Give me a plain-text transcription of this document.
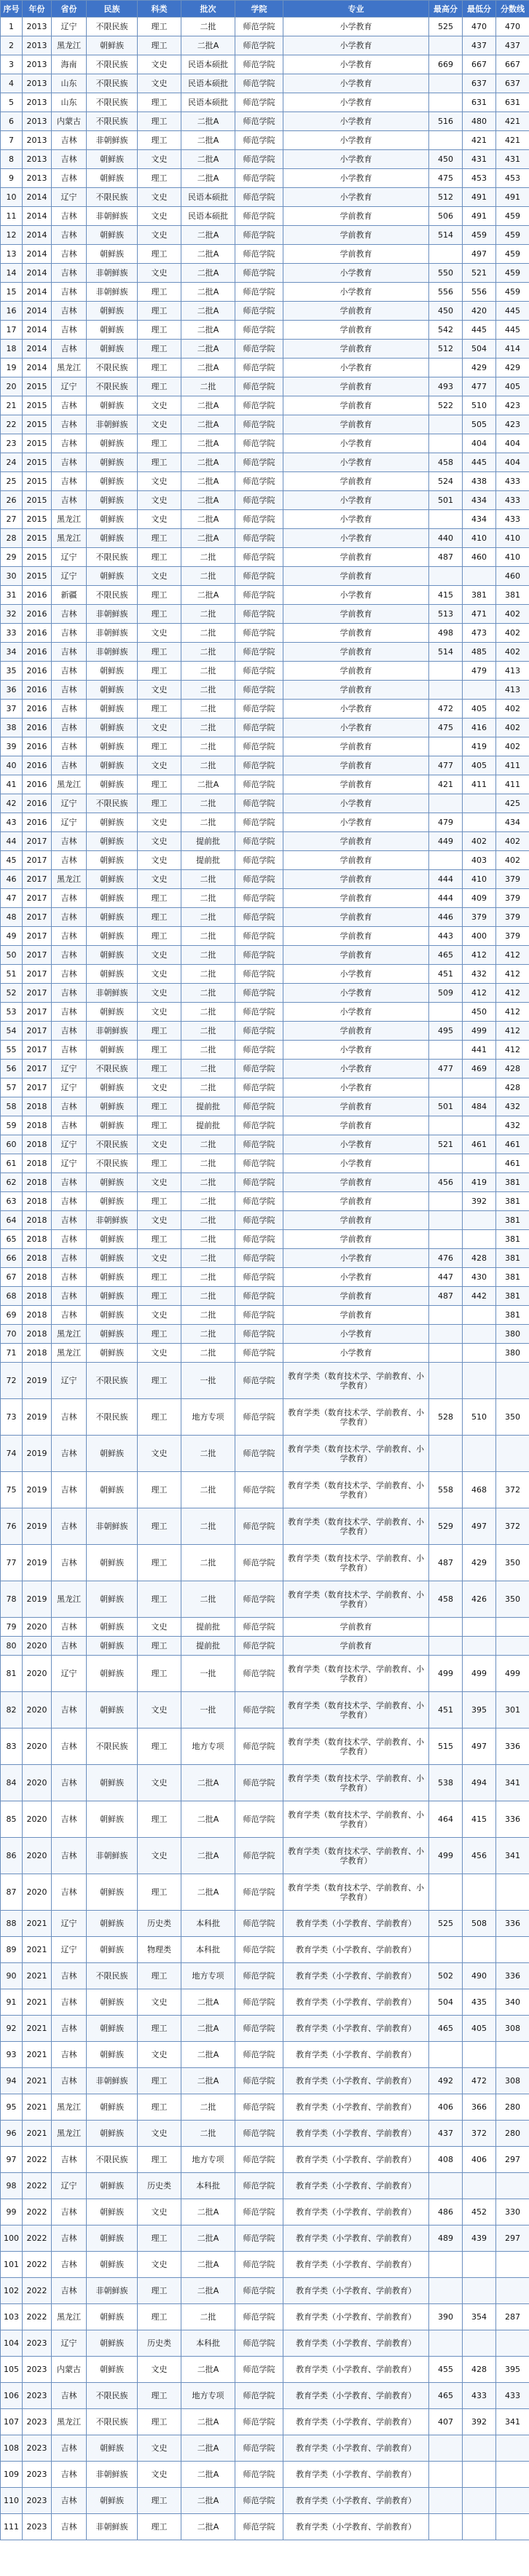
序号	年份	省份	民族	科类	批次	学院	专业	最高分	最低分	分数线
1	2013	辽宁	不限民族	理工	二批	师范学院	小学教育	525	470	470
2	2013	黑龙江	朝鲜族	理工	二批A	师范学院	小学教育		437	437
3	2013	海南	不限民族	文史	民语本硕批	师范学院	小学教育	669	667	667
4	2013	山东	不限民族	文史	民语本硕批	师范学院	小学教育		637	637
5	2013	山东	不限民族	理工	民语本硕批	师范学院	小学教育		631	631
6	2013	内蒙古	不限民族	理工	二批A	师范学院	小学教育	516	480	421
7	2013	吉林	非朝鲜族	理工	二批A	师范学院	小学教育		421	421
8	2013	吉林	朝鲜族	文史	二批A	师范学院	小学教育	450	431	431
9	2013	吉林	朝鲜族	理工	二批A	师范学院	小学教育	475	453	453
10	2014	辽宁	不限民族	文史	民语本硕批	师范学院	小学教育	512	491	491
11	2014	吉林	非朝鲜族	文史	民语本硕批	师范学院	学前教育	506	491	459
12	2014	吉林	朝鲜族	文史	二批A	师范学院	学前教育	514	459	459
13	2014	吉林	朝鲜族	理工	二批A	师范学院	学前教育		497	459
14	2014	吉林	非朝鲜族	文史	二批A	师范学院	小学教育	550	521	459
15	2014	吉林	非朝鲜族	理工	二批A	师范学院	小学教育	556	556	459
16	2014	吉林	朝鲜族	理工	二批A	师范学院	学前教育	450	420	445
17	2014	吉林	朝鲜族	理工	二批A	师范学院	学前教育	542	445	445
18	2014	吉林	朝鲜族	理工	二批A	师范学院	学前教育	512	504	414
19	2014	黑龙江	不限民族	理工	二批A	师范学院	小学教育		429	429
20	2015	辽宁	不限民族	理工	二批	师范学院	学前教育	493	477	405
21	2015	吉林	朝鲜族	文史	二批A	师范学院	学前教育	522	510	423
22	2015	吉林	非朝鲜族	文史	二批A	师范学院	学前教育		505	423
23	2015	吉林	朝鲜族	理工	二批A	师范学院	小学教育		404	404
24	2015	吉林	朝鲜族	理工	二批A	师范学院	小学教育	458	445	404
25	2015	吉林	朝鲜族	文史	二批A	师范学院	学前教育	524	438	433
26	2015	吉林	朝鲜族	文史	二批A	师范学院	小学教育	501	434	433
27	2015	黑龙江	朝鲜族	文史	二批A	师范学院	小学教育		434	433
28	2015	黑龙江	朝鲜族	理工	二批A	师范学院	小学教育	440	410	410
29	2015	辽宁	不限民族	理工	二批	师范学院	学前教育	487	460	410
30	2015	辽宁	朝鲜族	文史	二批	师范学院	学前教育			460
31	2016	新疆	不限民族	理工	二批A	师范学院	小学教育	415	381	381
32	2016	吉林	非朝鲜族	理工	二批	师范学院	学前教育	513	471	402
33	2016	吉林	非朝鲜族	文史	二批	师范学院	学前教育	498	473	402
34	2016	吉林	非朝鲜族	理工	二批	师范学院	学前教育	514	485	402
35	2016	吉林	朝鲜族	理工	二批	师范学院	学前教育		479	413
36	2016	吉林	朝鲜族	文史	二批	师范学院	学前教育			413
37	2016	吉林	朝鲜族	理工	二批	师范学院	小学教育	472	405	402
38	2016	吉林	朝鲜族	文史	二批	师范学院	小学教育	475	416	402
39	2016	吉林	朝鲜族	理工	二批	师范学院	学前教育		419	402
40	2016	吉林	朝鲜族	文史	二批	师范学院	学前教育	477	405	411
41	2016	黑龙江	朝鲜族	理工	二批A	师范学院	学前教育	421	411	411
42	2016	辽宁	不限民族	理工	二批	师范学院	小学教育			425
43	2016	辽宁	朝鲜族	文史	二批	师范学院	小学教育	479		434
44	2017	吉林	朝鲜族	文史	提前批	师范学院	学前教育	449	402	402
45	2017	吉林	朝鲜族	文史	提前批	师范学院	学前教育		403	402
46	2017	黑龙江	朝鲜族	文史	二批	师范学院	学前教育	444	410	379
47	2017	吉林	朝鲜族	理工	二批	师范学院	学前教育	444	409	379
48	2017	吉林	朝鲜族	理工	二批	师范学院	学前教育	446	379	379
49	2017	吉林	朝鲜族	理工	二批	师范学院	学前教育	443	400	379
50	2017	吉林	朝鲜族	文史	二批	师范学院	学前教育	465	412	412
51	2017	吉林	朝鲜族	文史	二批	师范学院	小学教育	451	432	412
52	2017	吉林	非朝鲜族	文史	二批	师范学院	小学教育	509	412	412
53	2017	吉林	朝鲜族	文史	二批	师范学院	小学教育		450	412
54	2017	吉林	非朝鲜族	理工	二批	师范学院	学前教育	495	499	412
55	2017	吉林	朝鲜族	理工	二批	师范学院	小学教育		441	412
56	2017	辽宁	不限民族	理工	二批	师范学院	小学教育	477	469	428
57	2017	辽宁	朝鲜族	文史	二批	师范学院	小学教育			428
58	2018	吉林	朝鲜族	理工	提前批	师范学院	学前教育	501	484	432
59	2018	吉林	朝鲜族	理工	提前批	师范学院	学前教育			432
60	2018	辽宁	不限民族	文史	二批	师范学院	小学教育	521	461	461
61	2018	辽宁	不限民族	理工	二批	师范学院	小学教育			461
62	2018	吉林	朝鲜族	文史	二批	师范学院	学前教育	456	419	381
63	2018	吉林	朝鲜族	理工	二批	师范学院	学前教育		392	381
64	2018	吉林	非朝鲜族	文史	二批	师范学院	学前教育			381
65	2018	吉林	朝鲜族	理工	二批	师范学院	学前教育			381
66	2018	吉林	朝鲜族	文史	二批	师范学院	小学教育	476	428	381
67	2018	吉林	朝鲜族	理工	二批	师范学院	小学教育	447	430	381
68	2018	吉林	朝鲜族	理工	二批	师范学院	学前教育	487	442	381
69	2018	吉林	朝鲜族	文史	二批	师范学院	学前教育			381
70	2018	黑龙江	朝鲜族	理工	二批	师范学院	小学教育			380
71	2018	黑龙江	朝鲜族	文史	二批	师范学院	小学教育			380
72	2019	辽宁	不限民族	理工	一批	师范学院	教育学类（数育技术学、学前教育、小学教育）			
73	2019	吉林	不限民族	理工	地方专项	师范学院	教育学类（数育技术学、学前教育、小学教育）	528	510	350
74	2019	吉林	朝鲜族	文史	二批	师范学院	教育学类（数育技术学、学前教育、小学教育）			
75	2019	吉林	朝鲜族	理工	二批	师范学院	教育学类（数育技术学、学前教育、小学教育）	558	468	372
76	2019	吉林	非朝鲜族	理工	二批	师范学院	教育学类（数育技术学、学前教育、小学教育）	529	497	372
77	2019	吉林	朝鲜族	理工	二批	师范学院	教育学类（数育技术学、学前教育、小学教育）	487	429	350
78	2019	黑龙江	朝鲜族	理工	二批	师范学院	教育学类（数育技术学、学前教育、小学教育）	458	426	350
79	2020	吉林	朝鲜族	文史	提前批	师范学院	学前教育			
80	2020	吉林	朝鲜族	理工	提前批	师范学院	学前教育			
81	2020	辽宁	朝鲜族	理工	一批	师范学院	教育学类（数育技术学、学前教育、小学教育）	499	499	499
82	2020	吉林	朝鲜族	文史	一批	师范学院	教育学类（数育技术学、学前教育、小学教育）	451	395	301
83	2020	吉林	不限民族	理工	地方专项	师范学院	教育学类（数育技术学、学前教育、小学教育）	515	497	336
84	2020	吉林	朝鲜族	文史	二批A	师范学院	教育学类（数育技术学、学前教育、小学教育）	538	494	341
85	2020	吉林	朝鲜族	理工	二批A	师范学院	教育学类（数育技术学、学前教育、小学教育）	464	415	336
86	2020	吉林	非朝鲜族	文史	二批A	师范学院	教育学类（数育技术学、学前教育、小学教育）	499	456	341
87	2020	吉林	朝鲜族	理工	二批A	师范学院	教育学类（数育技术学、学前教育、小学教育）			
88	2021	辽宁	朝鲜族	历史类	本科批	师范学院	教育学类（小学教育、学前教育）	525	508	336
89	2021	辽宁	朝鲜族	物理类	本科批	师范学院	教育学类（小学教育、学前教育）			
90	2021	吉林	不限民族	理工	地方专项	师范学院	教育学类（小学教育、学前教育）	502	490	336
91	2021	吉林	朝鲜族	文史	二批A	师范学院	教育学类（小学教育、学前教育）	504	435	340
92	2021	吉林	朝鲜族	理工	二批A	师范学院	教育学类（小学教育、学前教育）	465	405	308
93	2021	吉林	朝鲜族	文史	二批A	师范学院	教育学类（小学教育、学前教育）			
94	2021	吉林	非朝鲜族	理工	二批A	师范学院	教育学类（小学教育、学前教育）	492	472	308
95	2021	黑龙江	朝鲜族	理工	二批	师范学院	教育学类（小学教育、学前教育）	406	366	280
96	2021	黑龙江	朝鲜族	文史	二批	师范学院	教育学类（小学教育、学前教育）	437	372	280
97	2022	吉林	不限民族	理工	地方专项	师范学院	教育学类（小学教育、学前教育）	408	406	297
98	2022	辽宁	朝鲜族	历史类	本科批	师范学院	教育学类（小学教育、学前教育）			
99	2022	吉林	朝鲜族	文史	二批A	师范学院	教育学类（小学教育、学前教育）	486	452	330
100	2022	吉林	朝鲜族	理工	二批A	师范学院	教育学类（小学教育、学前教育）	489	439	297
101	2022	吉林	朝鲜族	文史	二批A	师范学院	教育学类（小学教育、学前教育）			
102	2022	吉林	非朝鲜族	理工	二批A	师范学院	教育学类（小学教育、学前教育）			
103	2022	黑龙江	朝鲜族	理工	二批	师范学院	教育学类（小学教育、学前教育）	390	354	287
104	2023	辽宁	朝鲜族	历史类	本科批	师范学院	教育学类（小学教育、学前教育）			
105	2023	内蒙古	朝鲜族	文史	二批A	师范学院	教育学类（小学教育、学前教育）	455	428	395
106	2023	吉林	不限民族	理工	地方专项	师范学院	教育学类（小学教育、学前教育）	465	433	433
107	2023	黑龙江	不限民族	理工	二批A	师范学院	教育学类（小学教育、学前教育）	407	392	341
108	2023	吉林	朝鲜族	文史	二批A	师范学院	教育学类（小学教育、学前教育）			
109	2023	吉林	非朝鲜族	文史	二批A	师范学院	教育学类（小学教育、学前教育）			
110	2023	吉林	朝鲜族	理工	二批A	师范学院	教育学类（小学教育、学前教育）			
111	2023	吉林	非朝鲜族	理工	二批A	师范学院	教育学类（小学教育、学前教育）			
